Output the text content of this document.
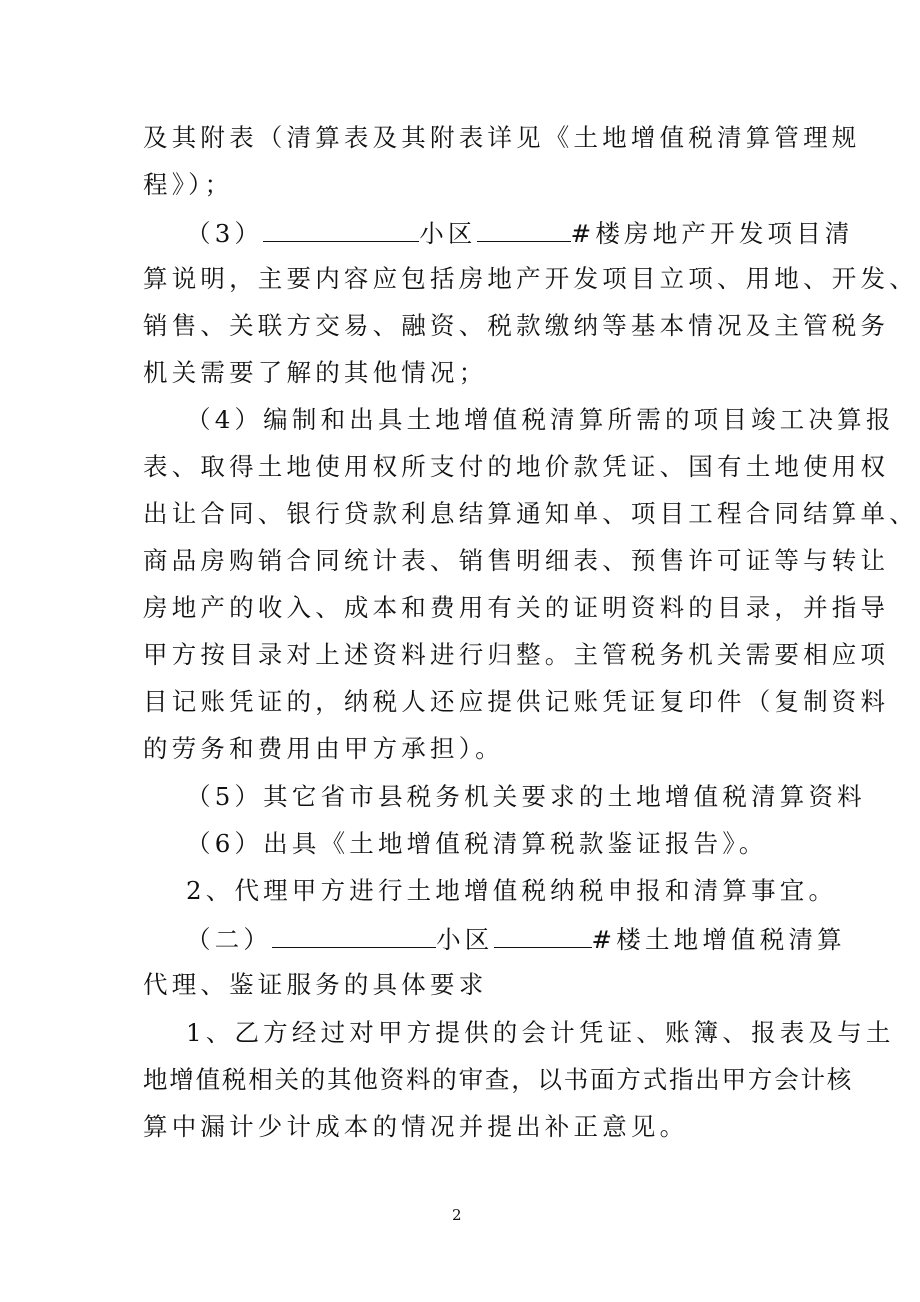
及其附表（清算表及其附表详见《土地增值税清算管理规
程》）；
（3）	小区	#楼房地产开发项目清
算说明，主要内容应包括房地产开发项目立项、用地、开发、
销售、关联方交易、融资、税款缴纳等基本情况及主管税务
机关需要了解的其他情况；
（4）编制和出具土地增值税清算所需的项目竣工决算报
表、取得土地使用权所支付的地价款凭证、国有土地使用权
出让合同、银行贷款利息结算通知单、项目工程合同结算单、
商品房购销合同统计表、销售明细表、预售许可证等与转让
房地产的收入、成本和费用有关的证明资料的目录，并指导
甲方按目录对上述资料进行归整。主管税务机关需要相应项
目记账凭证的，纳税人还应提供记账凭证复印件（复制资料
的劳务和费用由甲方承担）。
（5）其它省市县税务机关要求的土地增值税清算资料
（6）出具《土地增值税清算税款鉴证报告》。
2、代理甲方进行土地增值税纳税申报和清算事宜。
（二）	小区	#楼土地增值税清算
代理、鉴证服务的具体要求
1、乙方经过对甲方提供的会计凭证、账簿、报表及与土
地增值税相关的其他资料的审查，以书面方式指出甲方会计核
算中漏计少计成本的情况并提出补正意见。
2
